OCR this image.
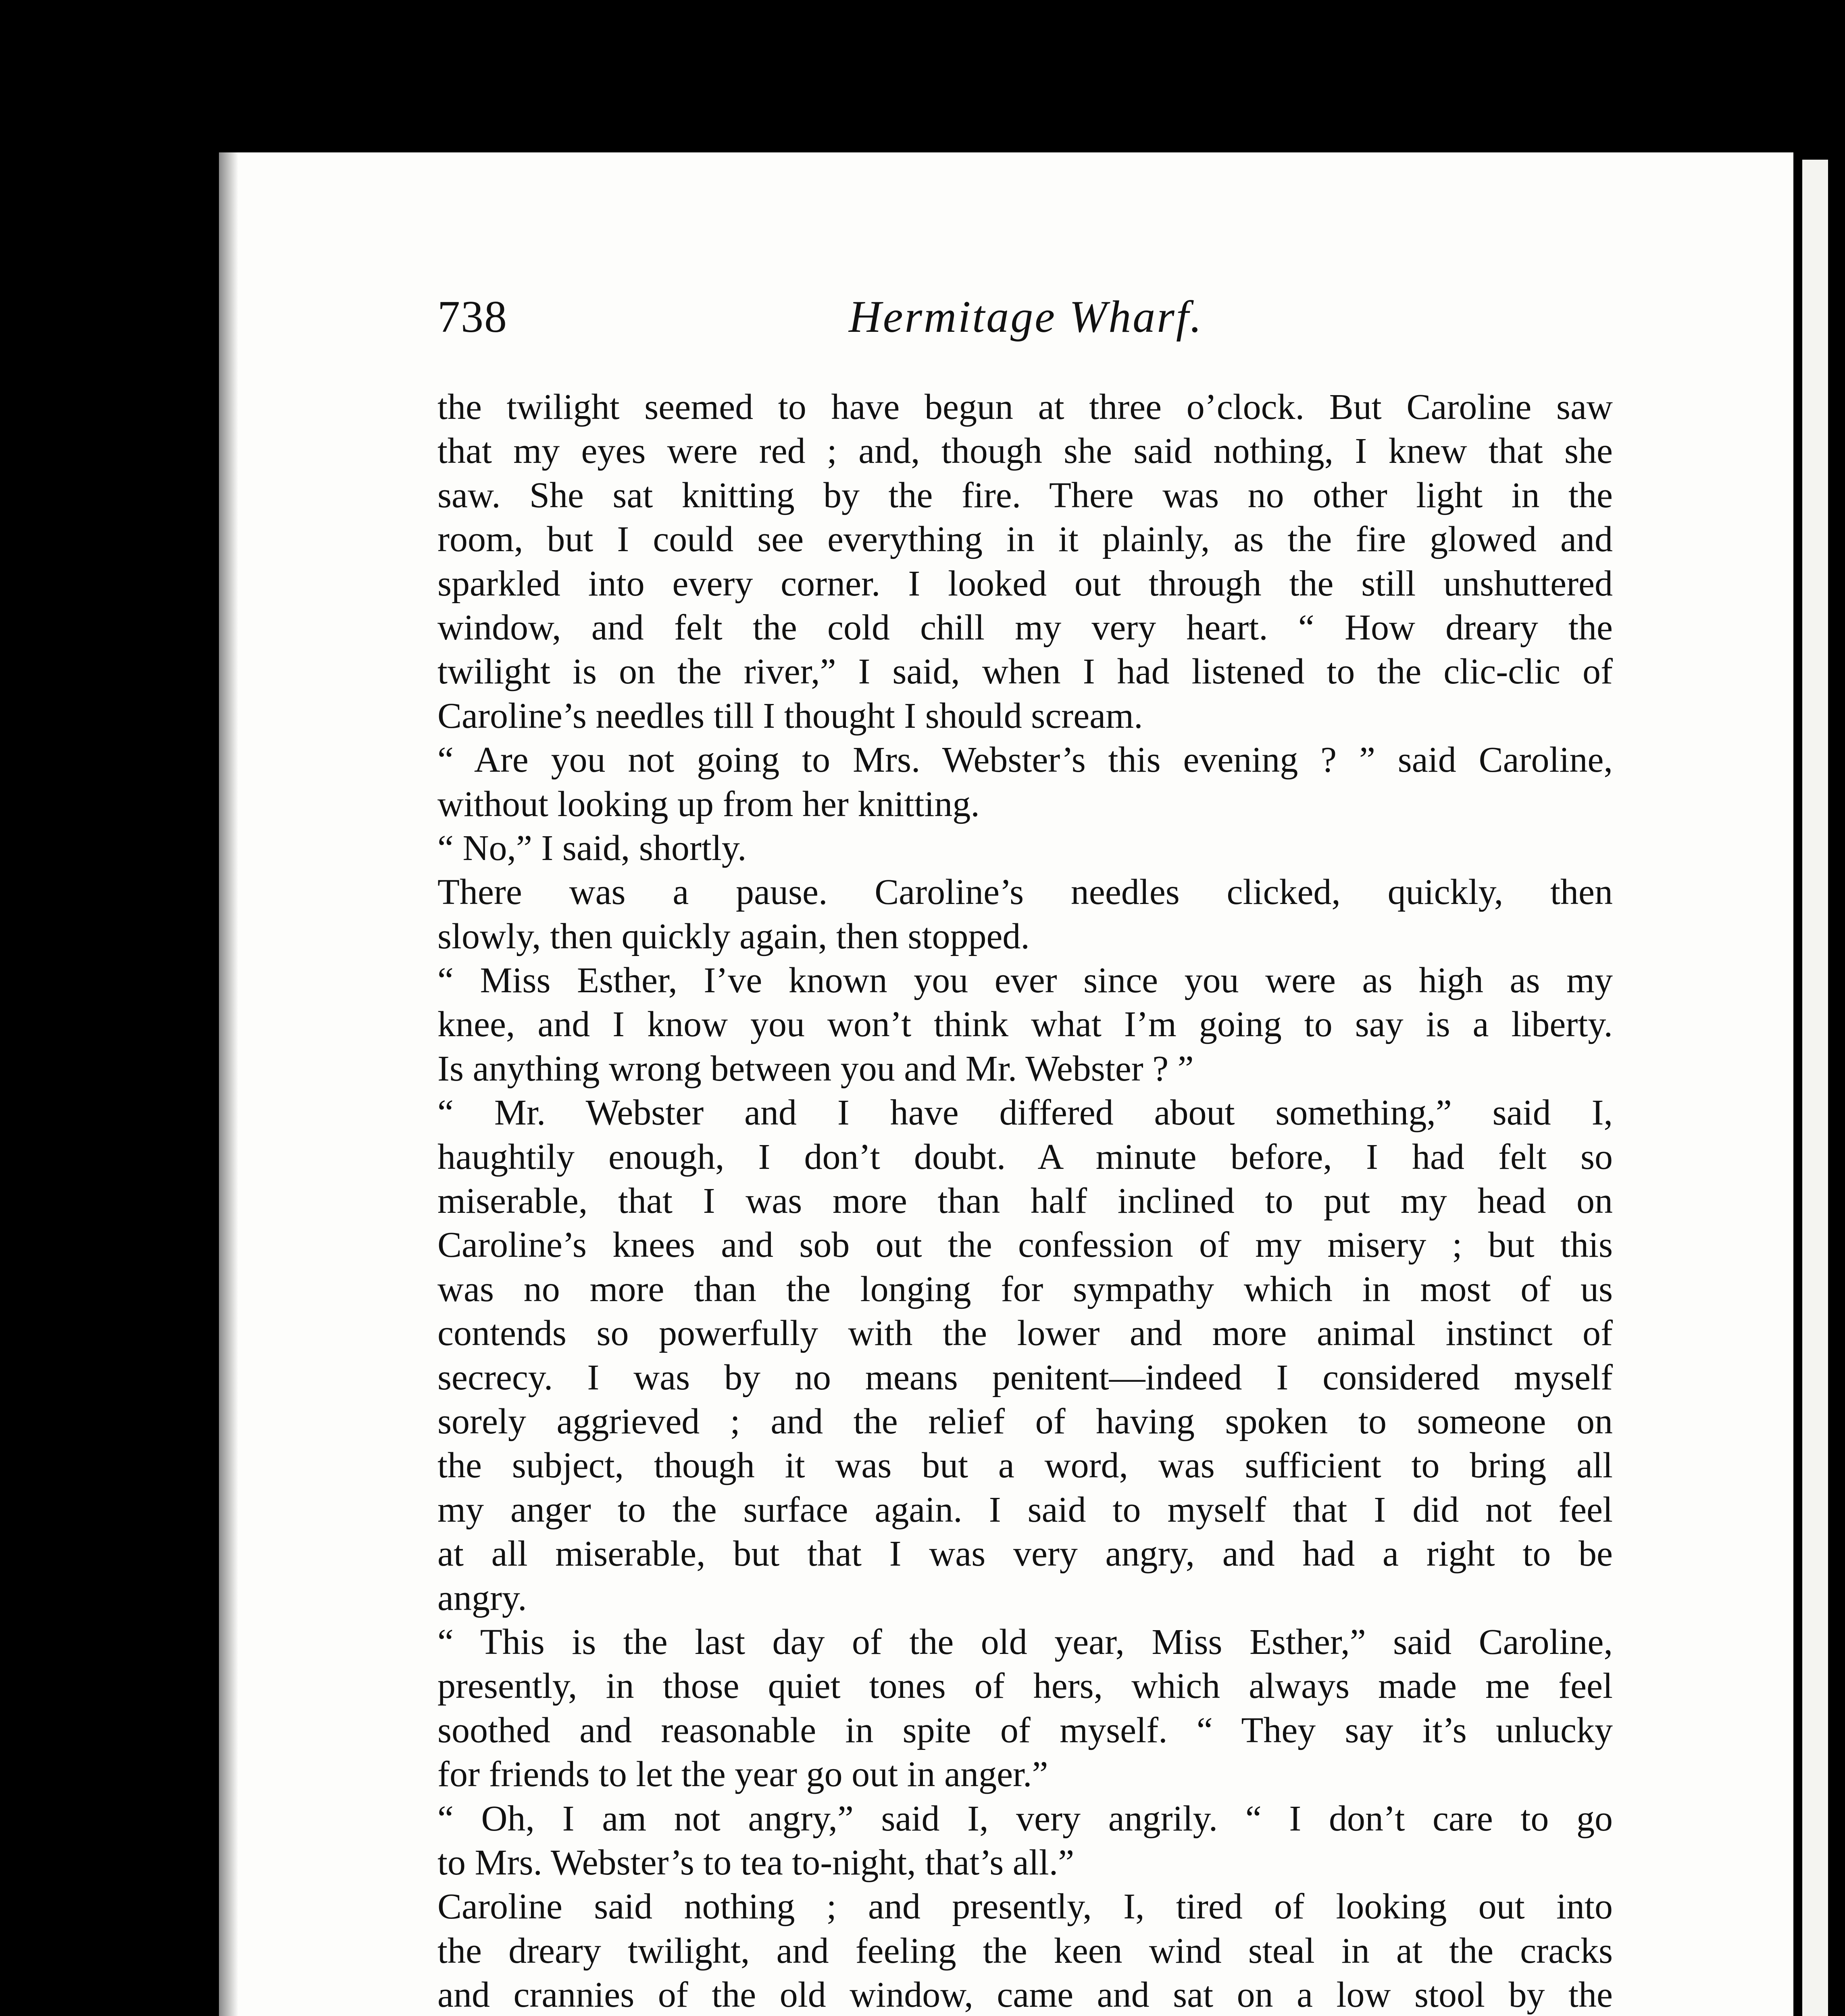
738	Hermitage Wharf.
the twilight seemed to have begun at three o’clock. But Caroline saw
that my eyes were red ; and, though she said nothing, I knew that she
saw. She sat knitting by the fire. There was no other light in the
room, but I could see everything in it plainly, as the fire glowed and
sparkled into every corner. I looked out through the still unshuttered
window, and felt the cold chill my very heart. “ How dreary the
twilight is on the river,” I said, when I had listened to the clic-clic of
Caroline’s needles till I thought I should scream.
“ Are you not going to Mrs. Webster’s this evening ? ” said Caroline,
without looking up from her knitting.
“ No,” I said, shortly.
There was a pause. Caroline’s needles clicked, quickly, then
slowly, then quickly again, then stopped.
“ Miss Esther, I’ve known you ever since you were as high as my
knee, and I know you won’t think what I’m going to say is a liberty.
Is anything wrong between you and Mr. Webster ? ”
“ Mr. Webster and I have differed about something,” said I,
haughtily enough, I don’t doubt. A minute before, I had felt so
miserable, that I was more than half inclined to put my head on
Caroline’s knees and sob out the confession of my misery ; but this
was no more than the longing for sympathy which in most of us
contends so powerfully with the lower and more animal instinct of
secrecy. I was by no means penitent—indeed I considered myself
sorely aggrieved ; and the relief of having spoken to someone on
the subject, though it was but a word, was sufficient to bring all
my anger to the surface again. I said to myself that I did not feel
at all miserable, but that I was very angry, and had a right to be
angry.
“ This is the last day of the old year, Miss Esther,” said Caroline,
presently, in those quiet tones of hers, which always made me feel
soothed and reasonable in spite of myself. “ They say it’s unlucky
for friends to let the year go out in anger.”
“ Oh, I am not angry,” said I, very angrily. “ I don’t care to go
to Mrs. Webster’s to tea to-night, that’s all.”
Caroline said nothing ; and presently, I, tired of looking out into
the dreary twilight, and feeling the keen wind steal in at the cracks
and crannies of the old window, came and sat on a low stool by the
